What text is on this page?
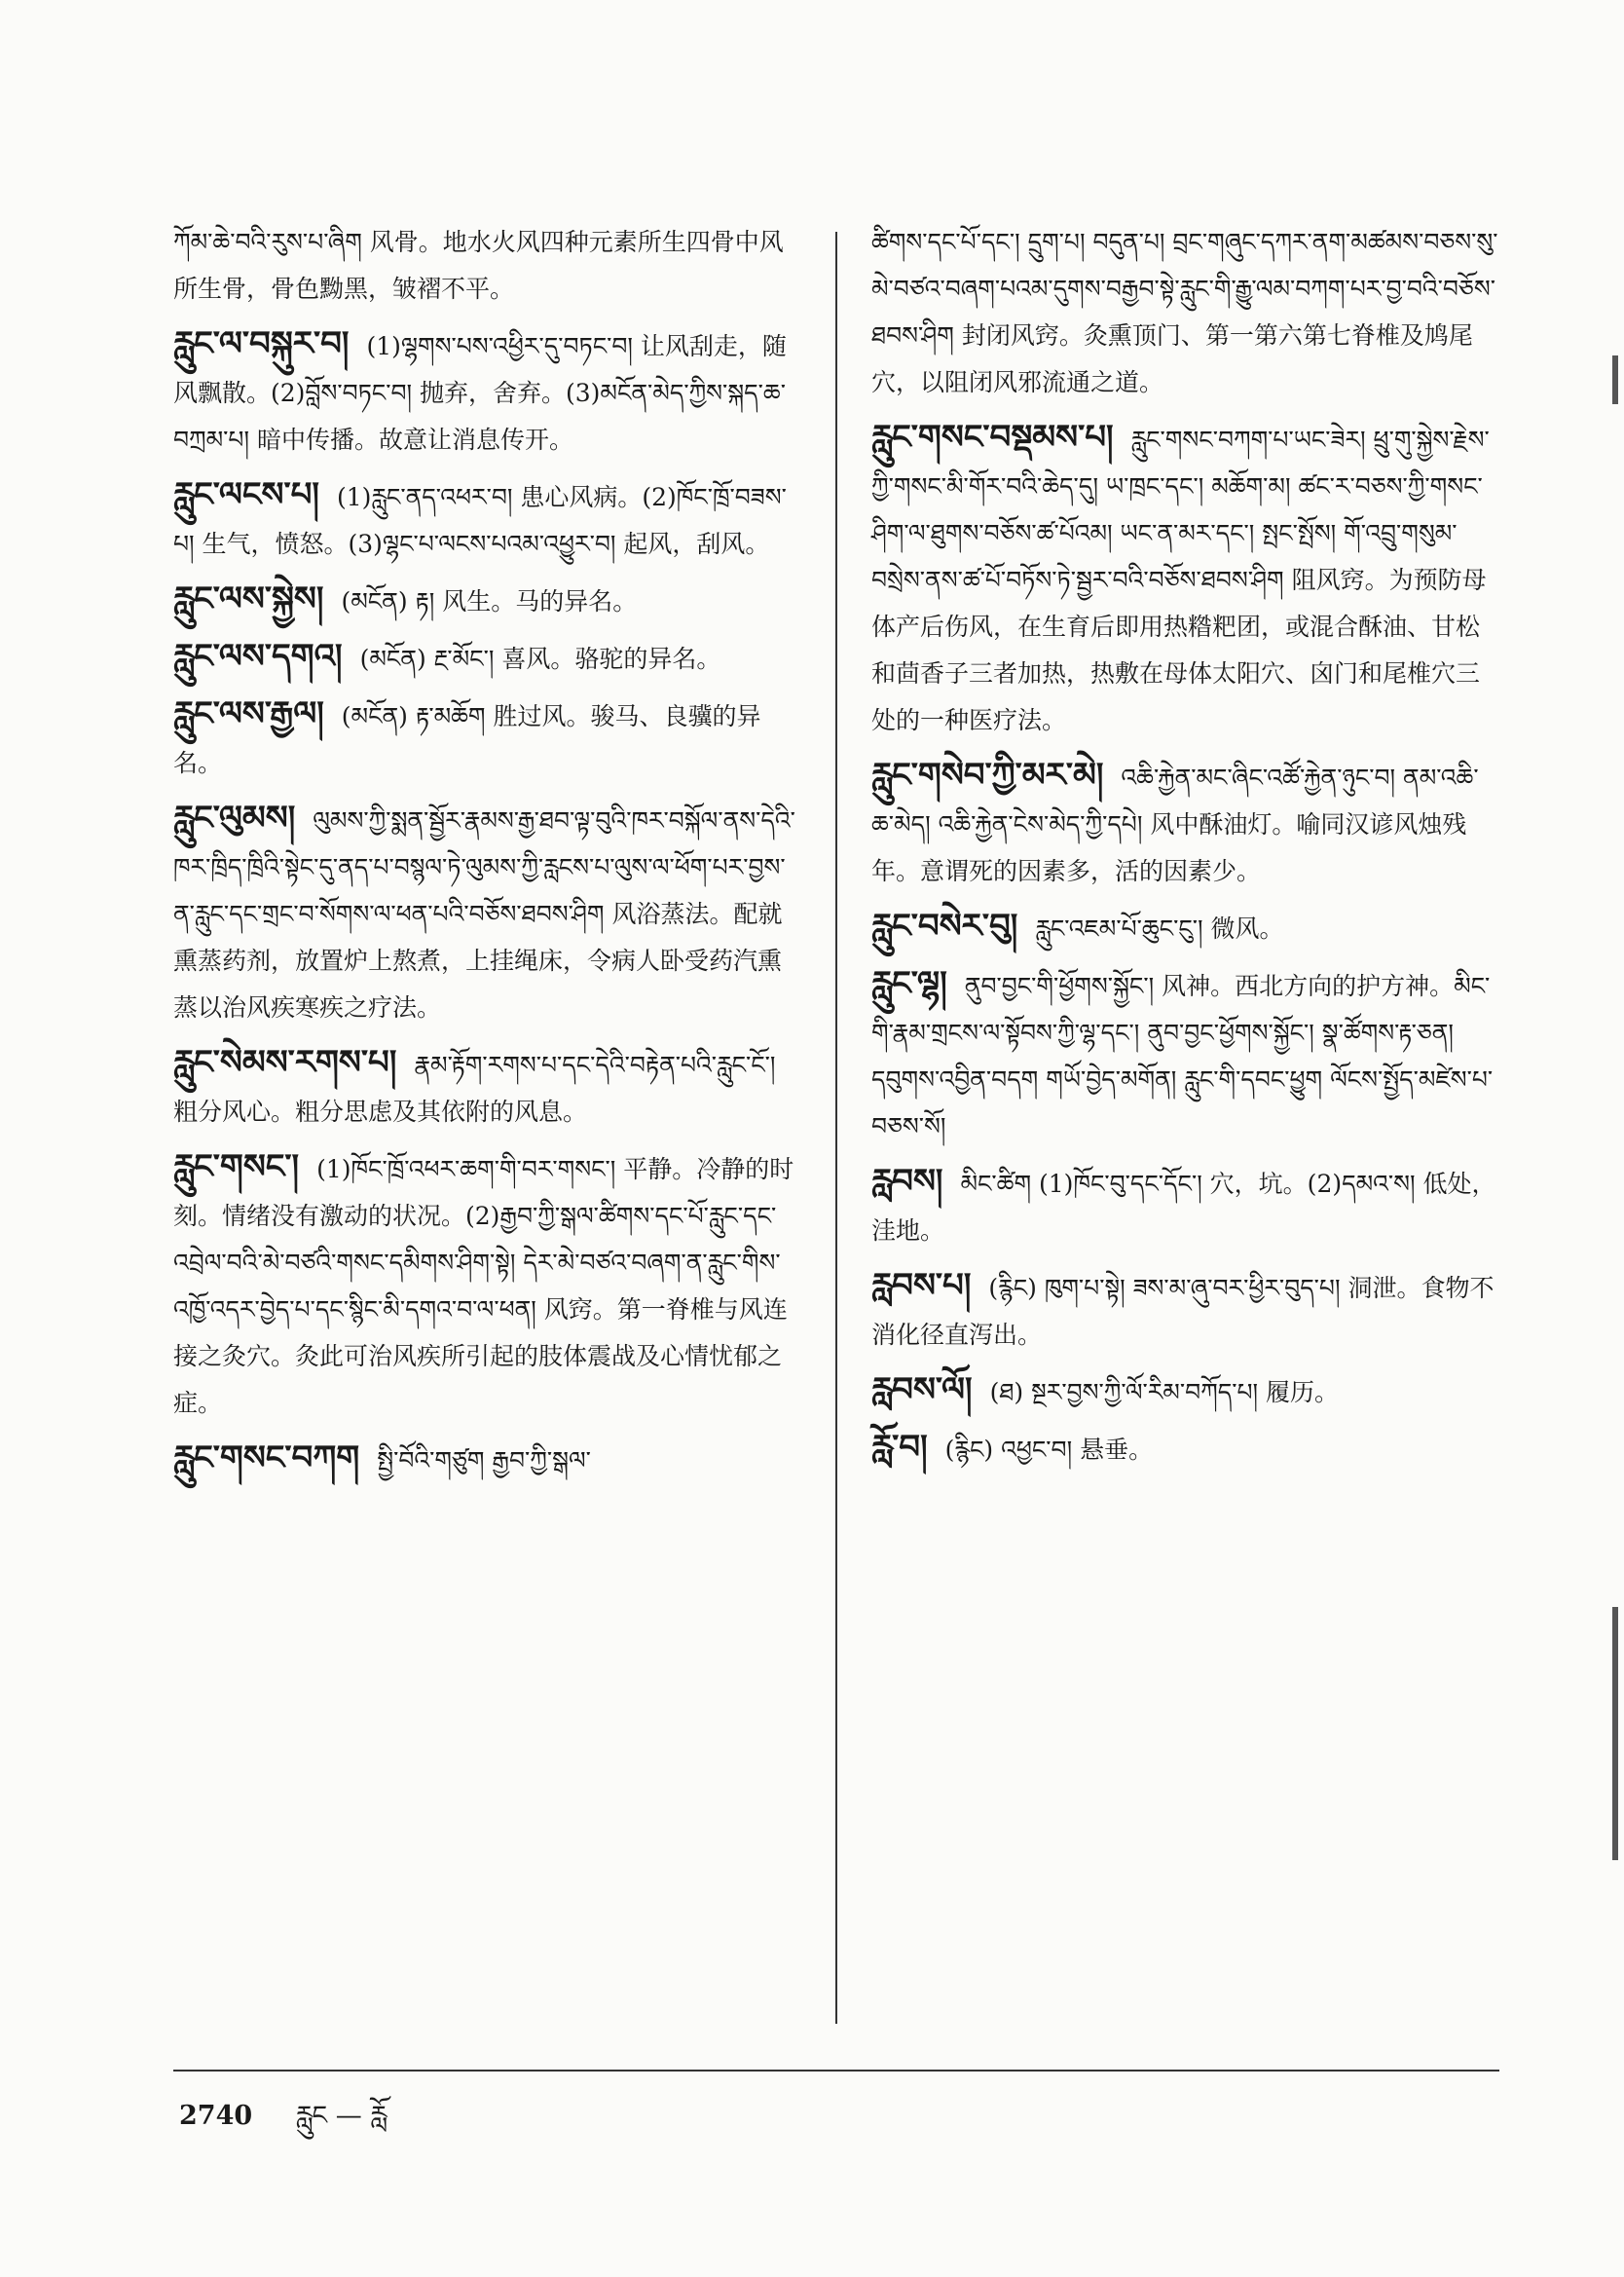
ཀོམ་ཆེ་བའི་རུས་པ་ཞིག 风骨。地水火风四种元素所生四骨中风所生骨，骨色黝黑，皱褶不平。

རླུང་ལ་བསྐུར་བ། (1)ལྷགས་པས་འཕྱིར་དུ་བཏང་བ། 让风刮走，随风飘散。(2)བློས་བཏང་བ། 抛弃，舍弃。(3)མངོན་མེད་ཀྱིས་སྐད་ཆ་བཀྲམ་པ། 暗中传播。故意让消息传开。

རླུང་ལངས་པ། (1)རླུང་ནད་འཕར་བ། 患心风病。(2)ཁོང་ཁྲོ་བཟས་པ། 生气，愤怒。(3)ལྷང་པ་ལངས་པའམ་འཕྱུར་བ། 起风，刮风。

རླུང་ལས་སྐྱེས། (མངོན) རྟ། 风生。马的异名。

རླུང་ལས་དགའ། (མངོན) རྔ་མོང་། 喜风。骆驼的异名。

རླུང་ལས་རྒྱལ། (མངོན) རྟ་མཆོག 胜过风。骏马、良骥的异名。

རླུང་ལུམས། ལུམས་ཀྱི་སྨན་སྦྱོར་རྣམས་རྒྱ་ཐབ་ལྟ་བུའི་ཁར་བསྐོལ་ནས་དེའི་ཁར་ཁྲིད་ཁྲིའི་སྟེང་དུ་ནད་པ་བསྙལ་ཏེ་ལུམས་ཀྱི་རླངས་པ་ལུས་ལ་ཕོག་པར་བྱས་ན་རླུང་དང་གྲང་བ་སོགས་ལ་ཕན་པའི་བཅོས་ཐབས་ཤིག 风浴蒸法。配就熏蒸药剂，放置炉上熬煮，上挂绳床，令病人卧受药汽熏蒸以治风疾寒疾之疗法。

རླུང་སེམས་རགས་པ། རྣམ་རྟོག་རགས་པ་དང་དེའི་བརྟེན་པའི་རླུང་ངོ་། 粗分风心。粗分思虑及其依附的风息。

རླུང་གསང་། (1)ཁོང་ཁྲོ་འཕར་ཆག་གི་བར་གསང་། 平静。冷静的时刻。情绪没有激动的状况。(2)རྒྱབ་ཀྱི་སྒལ་ཚིགས་དང་པོ་རླུང་དང་འབྲེལ་བའི་མེ་བཙའི་གསང་དམིགས་ཤིག་སྟེ། དེར་མེ་བཙའ་བཞག་ན་རླུང་གིས་འཁྱོ་འདར་བྱེད་པ་དང་སྙིང་མི་དགའ་བ་ལ་ཕན། 风窍。第一脊椎与风连接之灸穴。灸此可治风疾所引起的肢体震战及心情忧郁之症。

རླུང་གསང་བཀག སྤྱི་བོའི་གཙུག རྒྱབ་ཀྱི་སྒལ་

ཚིགས་དང་པོ་དང་། དྲུག་པ། བདུན་པ། བྲང་གཞུང་དཀར་ནག་མཚམས་བཅས་སུ་མེ་བཙའ་བཞག་པའམ་དུགས་བརྒྱབ་སྟེ་རླུང་གི་རྒྱུ་ལམ་བཀག་པར་བྱ་བའི་བཅོས་ཐབས་ཤིག 封闭风窍。灸熏顶门、第一第六第七脊椎及鸠尾穴，以阻闭风邪流通之道。

རླུང་གསང་བསྡམས་པ། རླུང་གསང་བཀག་པ་ཡང་ཟེར། ཕྲུ་གུ་སྐྱེས་རྗེས་ཀྱི་གསང་མི་གོར་བའི་ཆེད་དུ། ཡ་ཁྲང་དང་། མཆོག་མ། ཚང་ར་བཅས་ཀྱི་གསང་ཤིག་ལ་ཐུགས་བཅོས་ཚ་པོའམ། ཡང་ན་མར་དང་། སྤང་སྤོས། གོ་འབྲུ་གསུམ་བསྲེས་ནས་ཚ་པོ་བཏོས་ཏེ་སྦྱར་བའི་བཅོས་ཐབས་ཤིག 阻风窍。为预防母体产后伤风，在生育后即用热糌粑团，或混合酥油、甘松和茴香子三者加热，热敷在母体太阳穴、囟门和尾椎穴三处的一种医疗法。

རླུང་གསེབ་ཀྱི་མར་མེ། འཆི་རྐྱེན་མང་ཞིང་འཚོ་རྐྱེན་ཉུང་བ། ནམ་འཆི་ཆ་མེད། འཆི་རྐྱེན་ངེས་མེད་ཀྱི་དཔེ། 风中酥油灯。喻同汉谚风烛残年。意谓死的因素多，活的因素少。

རླུང་བསེར་བུ། རླུང་འཇམ་པོ་ཆུང་ངུ་། 微风。

རླུང་ལྷ། ནུབ་བྱང་གི་ཕྱོགས་སྐྱོང་། 风神。西北方向的护方神。མིང་གི་རྣམ་གྲངས་ལ་སྟོབས་ཀྱི་ལྷ་དང་། ནུབ་བྱང་ཕྱོགས་སྐྱོང་། སྣ་ཚོགས་རྟ་ཅན། དབུགས་འབྱིན་བདག གཡོ་བྱེད་མགོན། རླུང་གི་དབང་ཕྱུག ལོངས་སྤྱོད་མཛེས་པ་བཅས་སོ།

རླབས། མིང་ཚིག (1)ཁོང་བུ་དང་དོང་། 穴，坑。(2)དམའ་ས། 低处，洼地。

རླབས་པ། (རྙིང) ཁུག་པ་སྟེ། ཟས་མ་ཞུ་བར་ཕྱིར་བུད་པ། 洞泄。食物不消化径直泻出。

རླབས་ལོ། (ཐ) སྔར་བྱས་ཀྱི་ལོ་རིམ་བཀོད་པ། 履历。

རློ་བ། (རྙིང) འཕྱང་བ། 悬垂。

2740 རླུང — རློ
